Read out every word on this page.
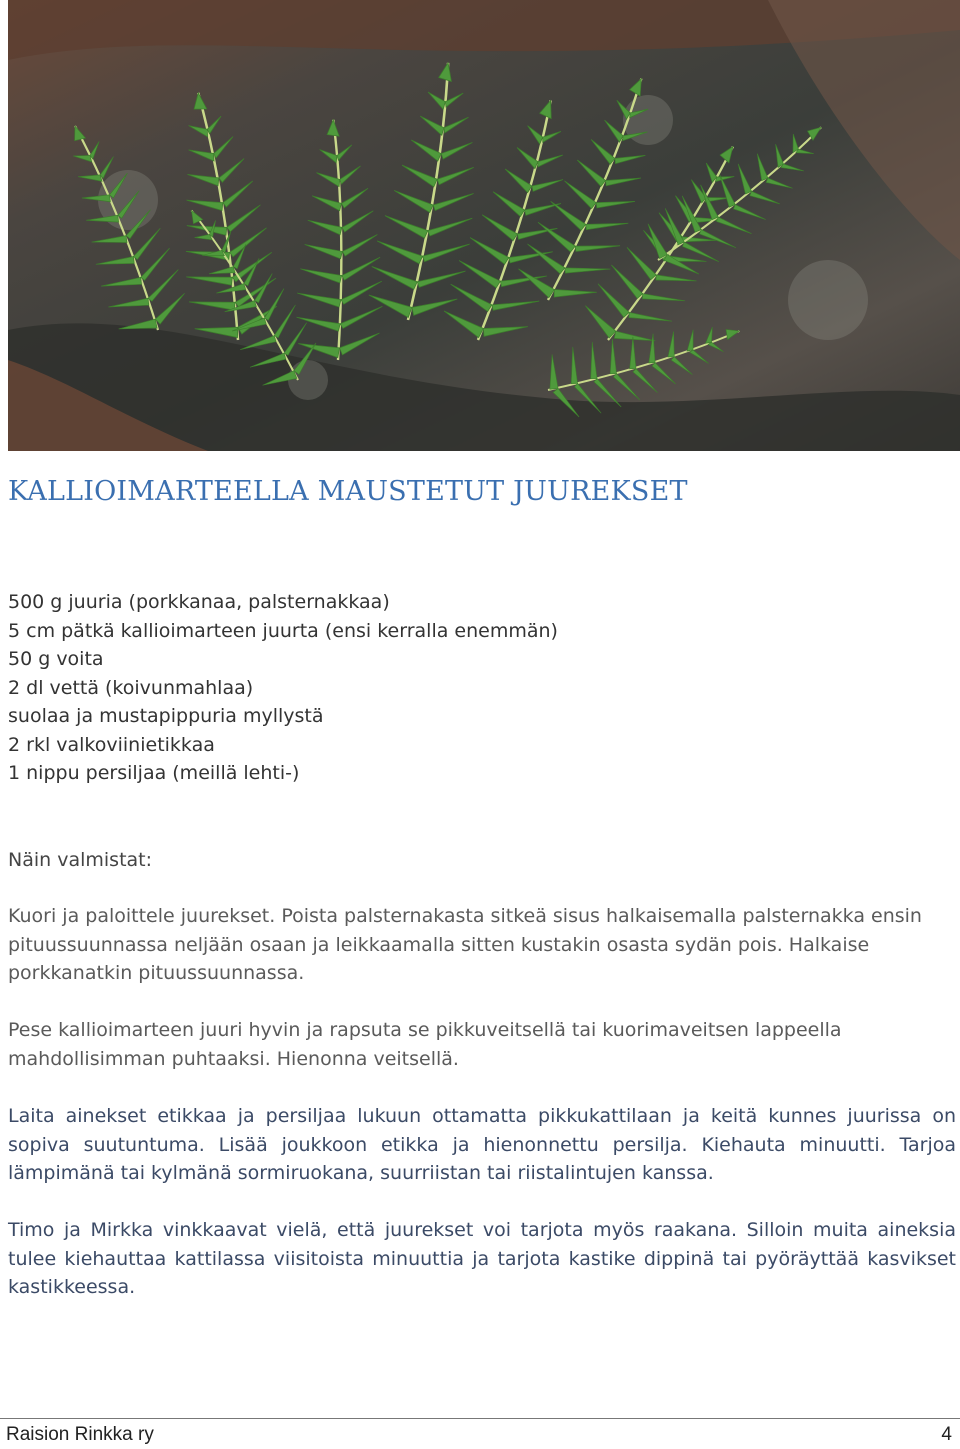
KALLIOIMARTEELLA MAUSTETUT JUUREKSET
500 g juuria (porkkanaa, palsternakkaa)
5 cm pätkä kallioimarteen juurta (ensi kerralla enemmän)
50 g voita
2 dl vettä (koivunmahlaa)
suolaa ja mustapippuria myllystä
2 rkl valkoviinietikkaa
1 nippu persiljaa (meillä lehti-)

Näin valmistat:

Kuori ja paloittele juurekset. Poista palsternakasta sitkeä sisus halkaisemalla palsternakka ensin pituussuunnassa neljään osaan ja leikkaamalla sitten kustakin osasta sydän pois. Halkaise porkkanatkin pituussuunnassa.

Pese kallioimarteen juuri hyvin ja rapsuta se pikkuveitsellä tai kuorimaveitsen lappeella mahdollisimman puhtaaksi. Hienonna veitsellä.

Laita ainekset etikkaa ja persiljaa lukuun ottamatta pikkukattilaan ja keitä kunnes juurissa on sopiva suutuntuma. Lisää joukkoon etikka ja hienonnettu persilja. Kiehauta minuutti. Tarjoa lämpimänä tai kylmänä sormiruokana, suurriistan tai riistalintujen kanssa.

Timo ja Mirkka vinkkaavat vielä, että juurekset voi tarjota myös raakana. Silloin muita aineksia tulee kiehauttaa kattilassa viisitoista minuuttia ja tarjota kastike dippinä tai pyöräyttää kasvikset kastikkeessa.

Raision Rinkka ry	4
